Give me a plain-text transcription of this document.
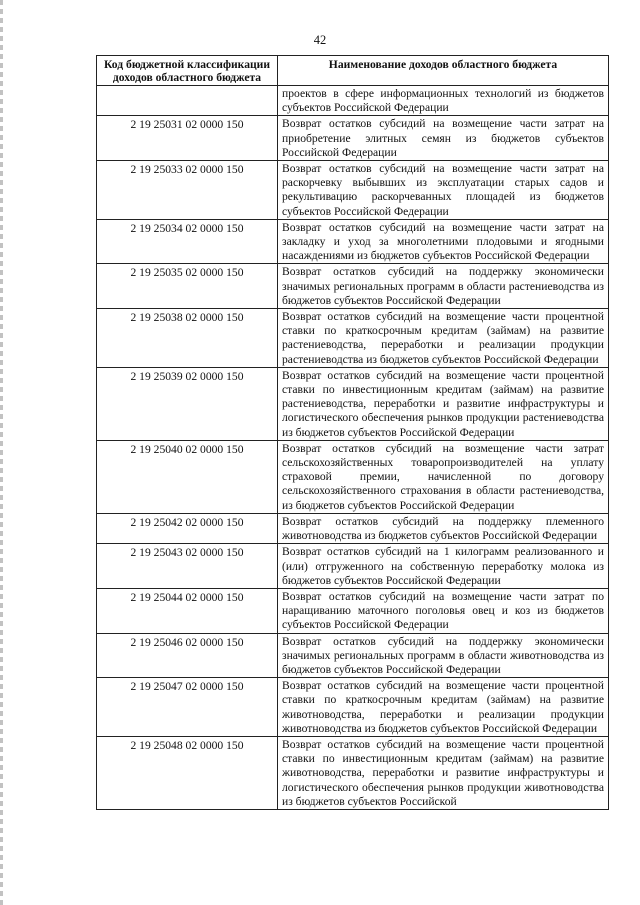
42
Код бюджетной классификации доходов областного бюджета	Наименование доходов областного бюджета
	проектов в сфере информационных технологий из бюджетов субъектов Российской Федерации
2 19 25031 02 0000 150	Возврат остатков субсидий на возмещение части затрат на приобретение элитных семян из бюджетов субъектов Российской Федерации
2 19 25033 02 0000 150	Возврат остатков субсидий на возмещение части затрат на раскорчевку выбывших из эксплуатации старых садов и рекультивацию раскорчеванных площадей из бюджетов субъектов Российской Федерации
2 19 25034 02 0000 150	Возврат остатков субсидий на возмещение части затрат на закладку и уход за многолетними плодовыми и ягодными насаждениями из бюджетов субъектов Российской Федерации
2 19 25035 02 0000 150	Возврат остатков субсидий на поддержку экономически значимых региональных программ в области растениеводства из бюджетов субъектов Российской Федерации
2 19 25038 02 0000 150	Возврат остатков субсидий на возмещение части процентной ставки по краткосрочным кредитам (займам) на развитие растениеводства, переработки и реализации продукции растениеводства из бюджетов субъектов Российской Федерации
2 19 25039 02 0000 150	Возврат остатков субсидий на возмещение части процентной ставки по инвестиционным кредитам (займам) на развитие растениеводства, переработки и развитие инфраструктуры и логистического обеспечения рынков продукции растениеводства из бюджетов субъектов Российской Федерации
2 19 25040 02 0000 150	Возврат остатков субсидий на возмещение части затрат сельскохозяйственных товаропроизводителей на уплату страховой премии, начисленной по договору сельскохозяйственного страхования в области растениеводства, из бюджетов субъектов Российской Федерации
2 19 25042 02 0000 150	Возврат остатков субсидий на поддержку племенного животноводства из бюджетов субъектов Российской Федерации
2 19 25043 02 0000 150	Возврат остатков субсидий на 1 килограмм реализованного и (или) отгруженного на собственную переработку молока из бюджетов субъектов Российской Федерации
2 19 25044 02 0000 150	Возврат остатков субсидий на возмещение части затрат по наращиванию маточного поголовья овец и коз из бюджетов субъектов Российской Федерации
2 19 25046 02 0000 150	Возврат остатков субсидий на поддержку экономически значимых региональных программ в области животноводства из бюджетов субъектов Российской Федерации
2 19 25047 02 0000 150	Возврат остатков субсидий на возмещение части процентной ставки по краткосрочным кредитам (займам) на развитие животноводства, переработки и реализации продукции животноводства из бюджетов субъектов Российской Федерации
2 19 25048 02 0000 150	Возврат остатков субсидий на возмещение части процентной ставки по инвестиционным кредитам (займам) на развитие животноводства, переработки и развитие инфраструктуры и логистического обеспечения рынков продукции животноводства из бюджетов субъектов Российской
